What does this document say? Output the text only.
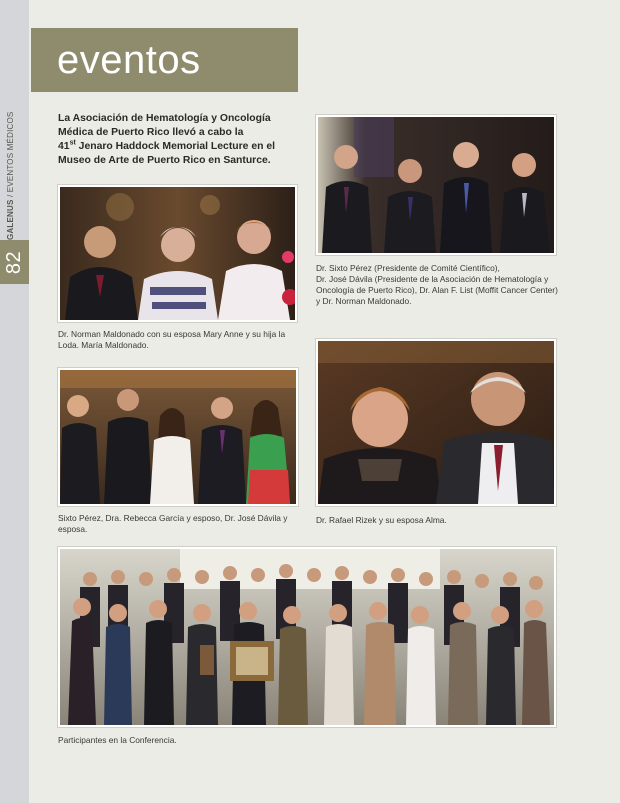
GALENUS / EVENTOS MÉDICOS
82
eventos
La Asociación de Hematología y Oncología
Médica de Puerto Rico llevó a cabo la
41st Jenaro Haddock Memorial Lecture en el
Museo de Arte de Puerto Rico en Santurce.
Dr. Norman Maldonado con su esposa Mary Anne y su hija la
Loda. María Maldonado.
Dr. Sixto Pérez (Presidente de Comité Científico),
Dr. José Dávila (Presidente de la Asociación de Hematología y
Oncología de Puerto Rico), Dr. Alan F. List (Moffit Cancer Center)
y Dr. Norman Maldonado.
Sixto Pérez, Dra. Rebecca García y esposo, Dr. José Dávila y
esposa.
Dr. Rafael Rizek y su esposa Alma.
Participantes en la Conferencia.
